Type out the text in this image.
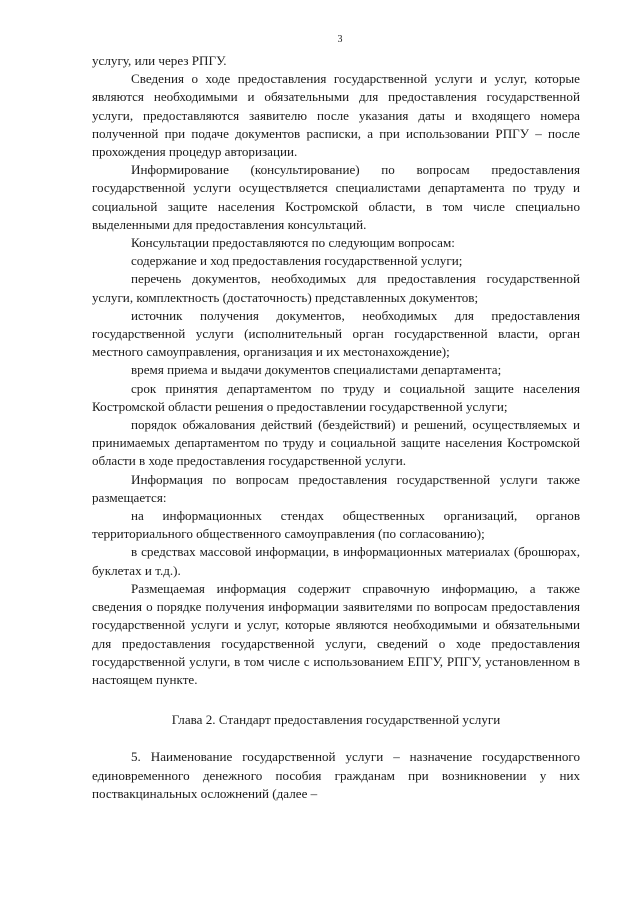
3

услугу, или через РПГУ.

Сведения о ходе предоставления государственной услуги и услуг, которые являются необходимыми и обязательными для предоставления государственной услуги, предоставляются заявителю после указания даты и входящего номера полученной при подаче документов расписки, а при использовании РПГУ – после прохождения процедур авторизации.

Информирование (консультирование) по вопросам предоставления государственной услуги осуществляется специалистами департамента по труду и социальной защите населения Костромской области, в том числе специально выделенными для предоставления консультаций.

Консультации предоставляются по следующим вопросам:

содержание и ход предоставления государственной услуги;

перечень документов, необходимых для предоставления государственной услуги, комплектность (достаточность) представленных документов;

источник получения документов, необходимых для предоставления государственной услуги (исполнительный орган государственной власти, орган местного самоуправления, организация и их местонахождение);

время приема и выдачи документов специалистами департамента;

срок принятия департаментом по труду и социальной защите населения Костромской области решения о предоставлении государственной услуги;

порядок обжалования действий (бездействий) и решений, осуществляемых и принимаемых департаментом по труду и социальной защите населения Костромской области в ходе предоставления государственной услуги.

Информация по вопросам предоставления государственной услуги также размещается:

на информационных стендах общественных организаций, органов территориального общественного самоуправления (по согласованию);

в средствах массовой информации, в информационных материалах (брошюрах, буклетах и т.д.).

Размещаемая информация содержит справочную информацию, а также сведения о порядке получения информации заявителями по вопросам предоставления государственной услуги и услуг, которые являются необходимыми и обязательными для предоставления государственной услуги, сведений о ходе предоставления государственной услуги, в том числе с использованием ЕПГУ, РПГУ, установленном в настоящем пункте.

Глава 2. Стандарт предоставления государственной услуги

5. Наименование государственной услуги – назначение государственного единовременного денежного пособия гражданам при возникновении у них поствакцинальных осложнений (далее –
